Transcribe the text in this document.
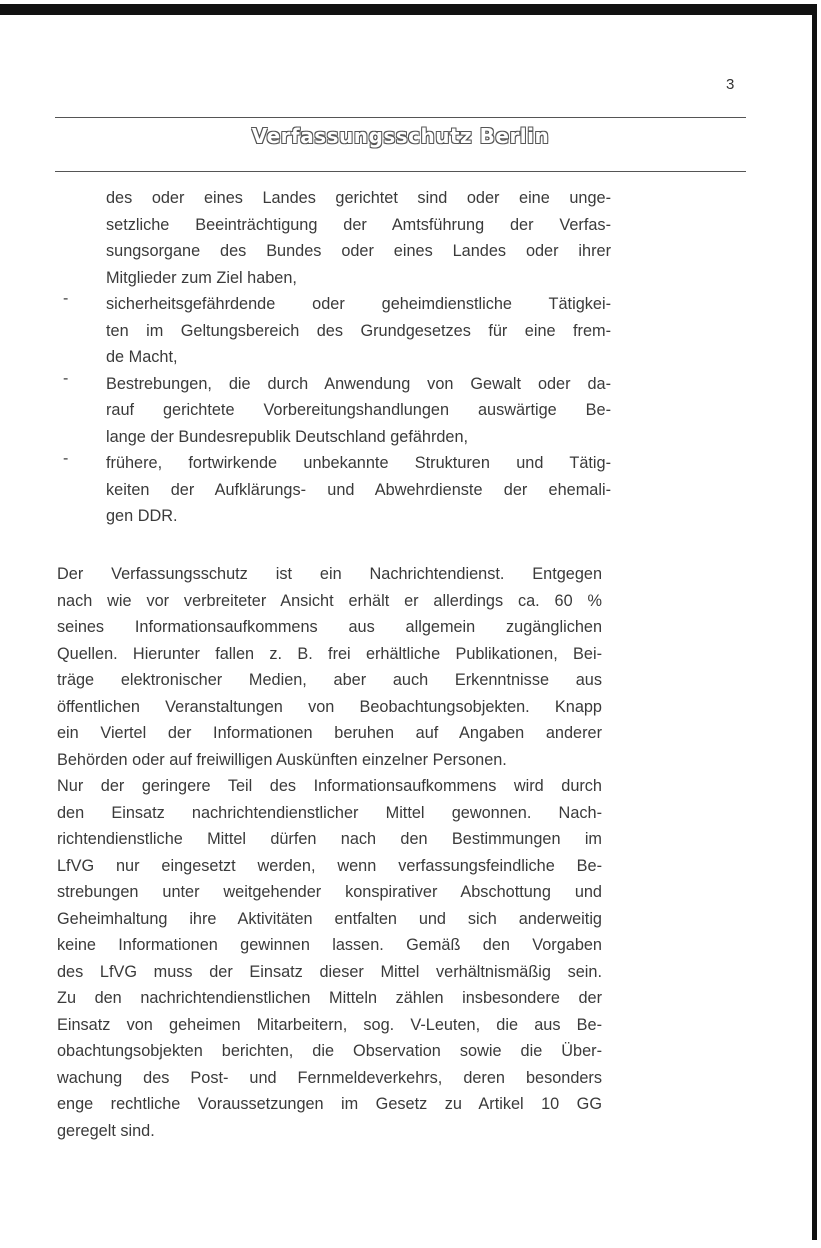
3
Verfassungsschutz Berlin
-
-
-
des oder eines Landes gerichtet sind oder eine unge-
setzliche Beeinträchtigung der Amtsführung der Verfas-
sungsorgane des Bundes oder eines Landes oder ihrer
Mitglieder zum Ziel haben,
sicherheitsgefährdende oder geheimdienstliche Tätigkei-
ten im Geltungsbereich des Grundgesetzes für eine frem-
de Macht,
Bestrebungen, die durch Anwendung von Gewalt oder da-
rauf gerichtete Vorbereitungshandlungen auswärtige Be-
lange der Bundesrepublik Deutschland gefährden,
frühere, fortwirkende unbekannte Strukturen und Tätig-
keiten der Aufklärungs- und Abwehrdienste der ehemali-
gen DDR.
Der Verfassungsschutz ist ein Nachrichtendienst. Entgegen
nach wie vor verbreiteter Ansicht erhält er allerdings ca. 60 %
seines Informationsaufkommens aus allgemein zugänglichen
Quellen. Hierunter fallen z. B. frei erhältliche Publikationen, Bei-
träge elektronischer Medien, aber auch Erkenntnisse aus
öffentlichen Veranstaltungen von Beobachtungsobjekten. Knapp
ein Viertel der Informationen beruhen auf Angaben anderer
Behörden oder auf freiwilligen Auskünften einzelner Personen.
Nur der geringere Teil des Informationsaufkommens wird durch
den Einsatz nachrichtendienstlicher Mittel gewonnen. Nach-
richtendienstliche Mittel dürfen nach den Bestimmungen im
LfVG nur eingesetzt werden, wenn verfassungsfeindliche Be-
strebungen unter weitgehender konspirativer Abschottung und
Geheimhaltung ihre Aktivitäten entfalten und sich anderweitig
keine Informationen gewinnen lassen. Gemäß den Vorgaben
des LfVG muss der Einsatz dieser Mittel verhältnismäßig sein.
Zu den nachrichtendienstlichen Mitteln zählen insbesondere der
Einsatz von geheimen Mitarbeitern, sog. V-Leuten, die aus Be-
obachtungsobjekten berichten, die Observation sowie die Über-
wachung des Post- und Fernmeldeverkehrs, deren besonders
enge rechtliche Voraussetzungen im Gesetz zu Artikel 10 GG
geregelt sind.
